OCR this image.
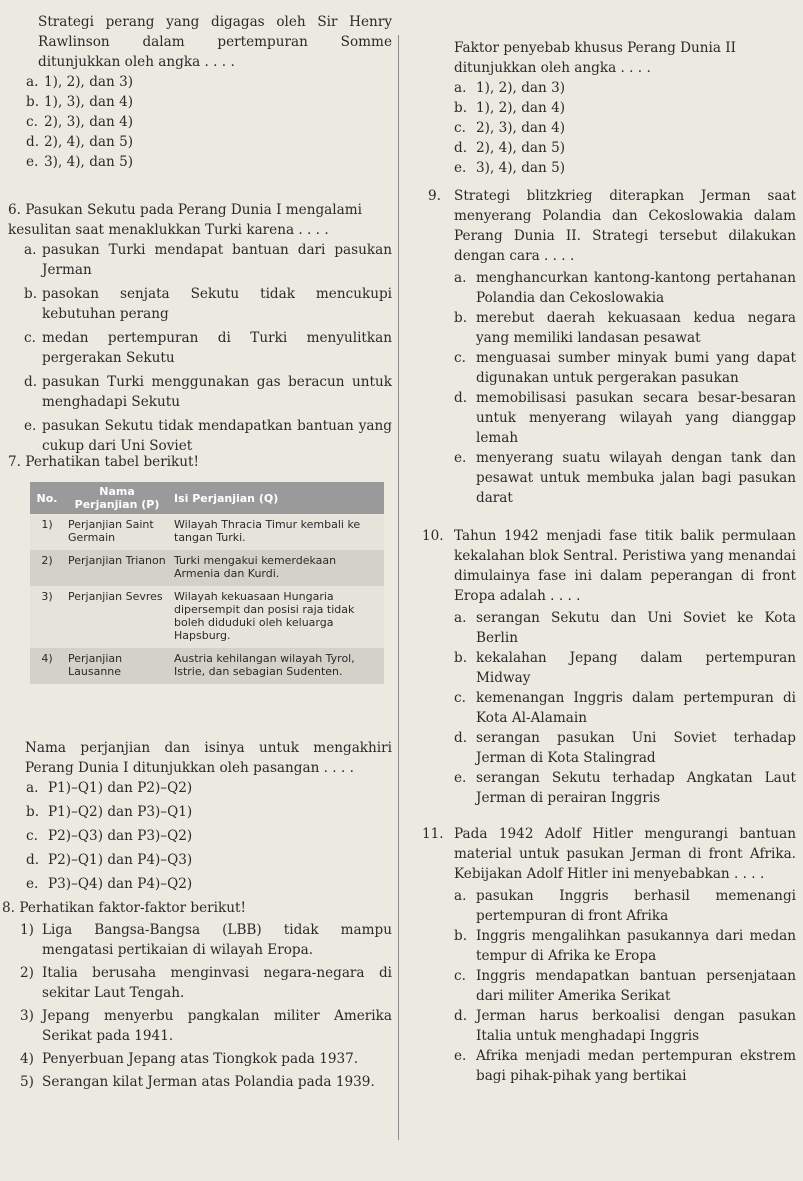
Strategi perang yang digagas oleh Sir Henry Rawlinson dalam pertempuran Somme ditunjukkan oleh angka . . . .
a. 1), 2), dan 3)
b. 1), 3), dan 4)
c. 2), 3), dan 4)
d. 2), 4), dan 5)
e. 3), 4), dan 5)
6. Pasukan Sekutu pada Perang Dunia I mengalami kesulitan saat menaklukkan Turki karena . . . .
a. pasukan Turki mendapat bantuan dari pasukan Jerman
b. pasokan senjata Sekutu tidak mencukupi kebutuhan perang
c. medan pertempuran di Turki menyulitkan pergerakan Sekutu
d. pasukan Turki menggunakan gas beracun untuk menghadapi Sekutu
e. pasukan Sekutu tidak mendapatkan bantuan yang cukup dari Uni Soviet
7. Perhatikan tabel berikut!
Nama perjanjian dan isinya untuk mengakhiri Perang Dunia I ditunjukkan oleh pasangan . . . .
a. P1)–Q1) dan P2)–Q2)
b. P1)–Q2) dan P3)–Q1)
c. P2)–Q3) dan P3)–Q2)
d. P2)–Q1) dan P4)–Q3)
e. P3)–Q4) dan P4)–Q2)
8. Perhatikan faktor-faktor berikut!
1) Liga Bangsa-Bangsa (LBB) tidak mampu mengatasi pertikaian di wilayah Eropa.
2) Italia berusaha menginvasi negara-negara di sekitar Laut Tengah.
3) Jepang menyerbu pangkalan militer Amerika Serikat pada 1941.
4) Penyerbuan Jepang atas Tiongkok pada 1937.
5) Serangan kilat Jerman atas Polandia pada 1939.
No.	Nama Perjanjian (P)	Isi Perjanjian (Q)
1)	Perjanjian Saint Germain	Wilayah Thracia Timur kembali ke tangan Turki.
2)	Perjanjian Trianon	Turki mengakui kemerdekaan Armenia dan Kurdi.
3)	Perjanjian Sevres	Wilayah kekuasaan Hungaria dipersempit dan posisi raja tidak boleh diduduki oleh keluarga Hapsburg.
4)	Perjanjian Lausanne	Austria kehilangan wilayah Tyrol, Istrie, dan sebagian Sudenten.
Faktor penyebab khusus Perang Dunia II ditunjukkan oleh angka . . . .
a. 1), 2), dan 3)
b. 1), 2), dan 4)
c. 2), 3), dan 4)
d. 2), 4), dan 5)
e. 3), 4), dan 5)
9. Strategi blitzkrieg diterapkan Jerman saat menyerang Polandia dan Cekoslowakia dalam Perang Dunia II. Strategi tersebut dilakukan dengan cara . . . .
a. menghancurkan kantong-kantong pertahanan Polandia dan Cekoslowakia
b. merebut daerah kekuasaan kedua negara yang memiliki landasan pesawat
c. menguasai sumber minyak bumi yang dapat digunakan untuk pergerakan pasukan
d. memobilisasi pasukan secara besar-besaran untuk menyerang wilayah yang dianggap lemah
e. menyerang suatu wilayah dengan tank dan pesawat untuk membuka jalan bagi pasukan darat
10. Tahun 1942 menjadi fase titik balik permulaan kekalahan blok Sentral. Peristiwa yang menandai dimulainya fase ini dalam peperangan di front Eropa adalah . . . .
a. serangan Sekutu dan Uni Soviet ke Kota Berlin
b. kekalahan Jepang dalam pertempuran Midway
c. kemenangan Inggris dalam pertempuran di Kota Al-Alamain
d. serangan pasukan Uni Soviet terhadap Jerman di Kota Stalingrad
e. serangan Sekutu terhadap Angkatan Laut Jerman di perairan Inggris
11. Pada 1942 Adolf Hitler mengurangi bantuan material untuk pasukan Jerman di front Afrika. Kebijakan Adolf Hitler ini menyebabkan . . . .
a. pasukan Inggris berhasil memenangi pertempuran di front Afrika
b. Inggris mengalihkan pasukannya dari medan tempur di Afrika ke Eropa
c. Inggris mendapatkan bantuan persenjataan dari militer Amerika Serikat
d. Jerman harus berkoalisi dengan pasukan Italia untuk menghadapi Inggris
e. Afrika menjadi medan pertempuran ekstrem bagi pihak-pihak yang bertikai
